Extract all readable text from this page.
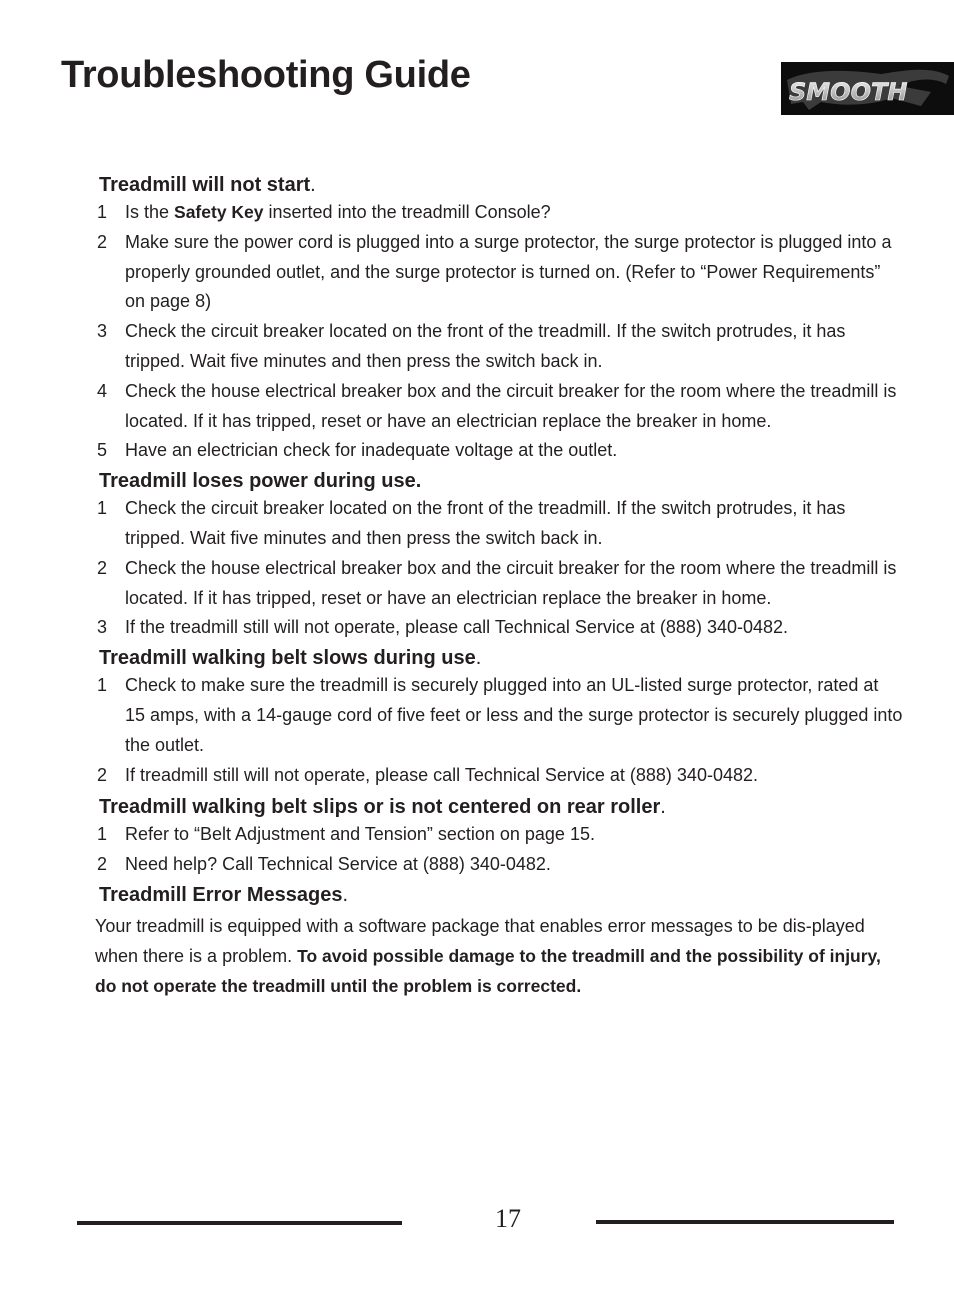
Troubleshooting Guide	SMOOTH
Treadmill will not start.
1 Is the Safety Key inserted into the treadmill Console?
2 Make sure the power cord is plugged into a surge protector, the surge protector is plugged into a properly grounded outlet, and the surge protector is turned on. (Refer to “Power Requirements” on page 8)
3 Check the circuit breaker located on the front of the treadmill. If the switch protrudes, it has tripped. Wait five minutes and then press the switch back in.
4 Check the house electrical breaker box and the circuit breaker for the room where the treadmill is located. If it has tripped, reset or have an electrician replace the breaker in home.
5 Have an electrician check for inadequate voltage at the outlet.
Treadmill loses power during use.
1 Check the circuit breaker located on the front of the treadmill. If the switch protrudes, it has tripped. Wait five minutes and then press the switch back in.
2 Check the house electrical breaker box and the circuit breaker for the room where the treadmill is located. If it has tripped, reset or have an electrician replace the breaker in home.
3 If the treadmill still will not operate, please call Technical Service at (888) 340-0482.
Treadmill walking belt slows during use.
1 Check to make sure the treadmill is securely plugged into an UL-listed surge protector, rated at 15 amps, with a 14-gauge cord of five feet or less and the surge protector is securely plugged into the outlet.
2 If treadmill still will not operate, please call Technical Service at (888) 340-0482.
Treadmill walking belt slips or is not centered on rear roller.
1 Refer to “Belt Adjustment and Tension” section on page 15.
2 Need help? Call Technical Service at (888) 340-0482.
Treadmill Error Messages.
Your treadmill is equipped with a software package that enables error messages to be dis-played when there is a problem. To avoid possible damage to the treadmill and the possibility of injury, do not operate the treadmill until the problem is corrected.
17
